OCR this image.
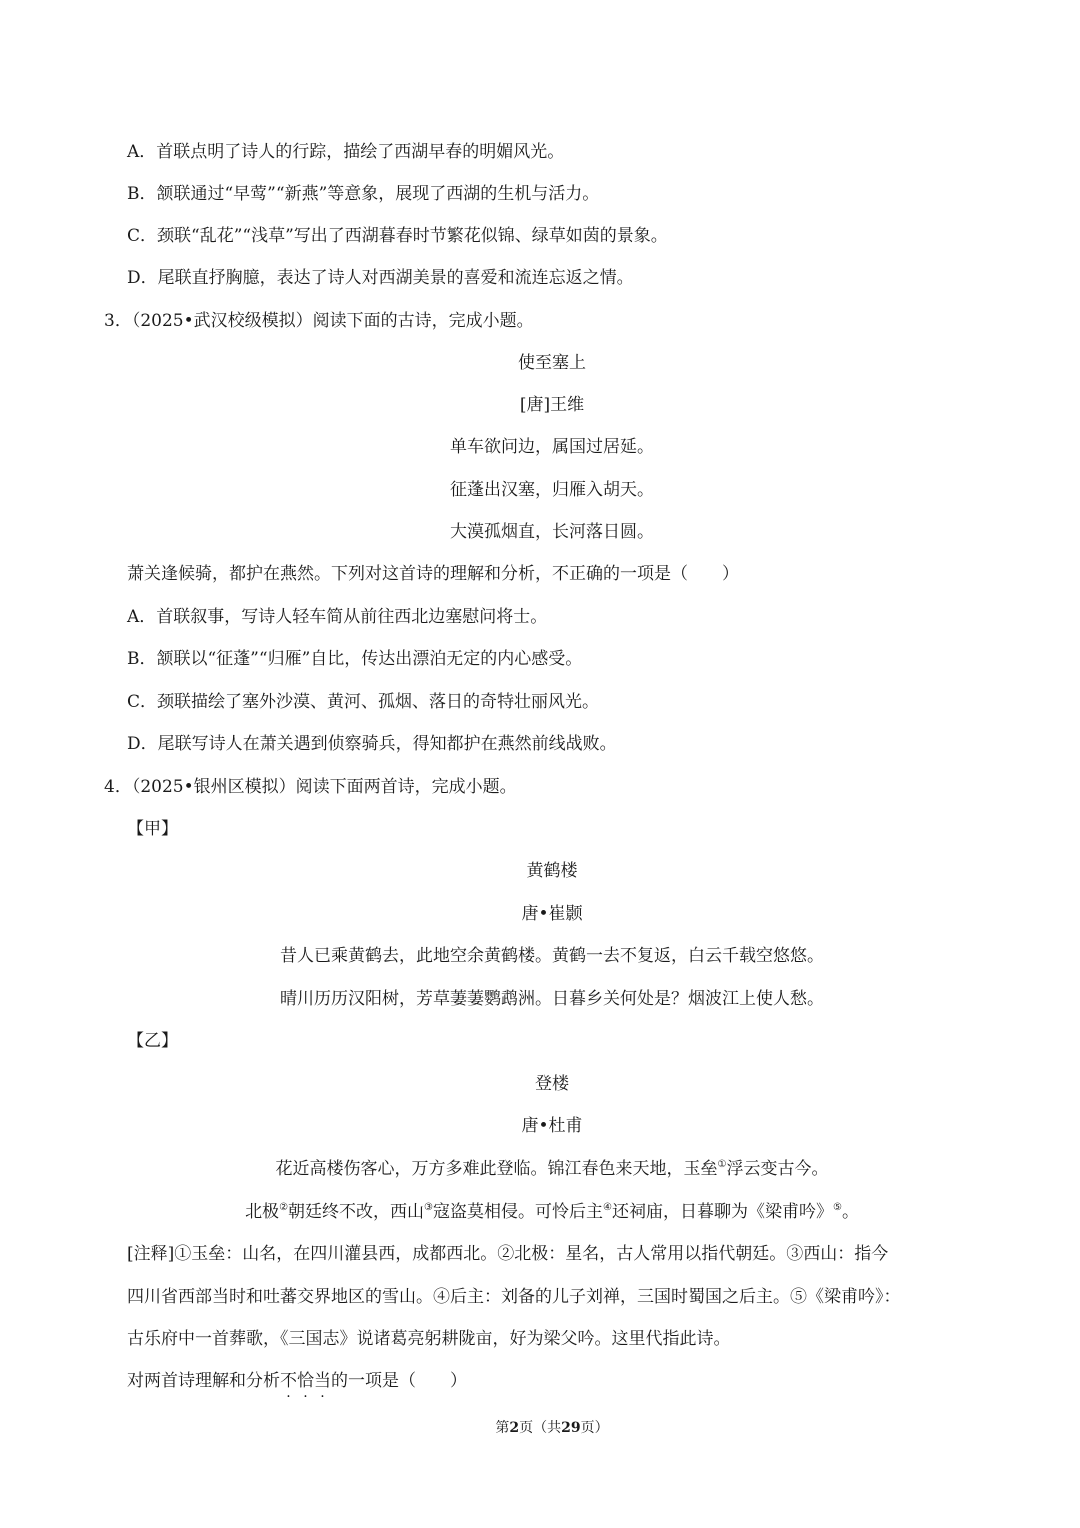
A．首联点明了诗人的行踪，描绘了西湖早春的明媚风光。
B．颔联通过“早莺”“新燕”等意象，展现了西湖的生机与活力。
C．颈联“乱花”“浅草”写出了西湖暮春时节繁花似锦、绿草如茵的景象。
D．尾联直抒胸臆，表达了诗人对西湖美景的喜爱和流连忘返之情。
3．（2025•武汉校级模拟）阅读下面的古诗，完成小题。
使至塞上
[唐]王维
单车欲问边，属国过居延。
征蓬出汉塞，归雁入胡天。
大漠孤烟直，长河落日圆。
萧关逢候骑，都护在燕然。下列对这首诗的理解和分析，不正确的一项是（　　）
A．首联叙事，写诗人轻车简从前往西北边塞慰问将士。
B．颔联以“征蓬”“归雁”自比，传达出漂泊无定的内心感受。
C．颈联描绘了塞外沙漠、黄河、孤烟、落日的奇特壮丽风光。
D．尾联写诗人在萧关遇到侦察骑兵，得知都护在燕然前线战败。
4．（2025•银州区模拟）阅读下面两首诗，完成小题。
【甲】
黄鹤楼
唐•崔颢
昔人已乘黄鹤去，此地空余黄鹤楼。黄鹤一去不复返，白云千载空悠悠。
晴川历历汉阳树，芳草萋萋鹦鹉洲。日暮乡关何处是？烟波江上使人愁。
【乙】
登楼
唐•杜甫
花近高楼伤客心，万方多难此登临。锦江春色来天地，玉垒①浮云变古今。
北极②朝廷终不改，西山③寇盗莫相侵。可怜后主④还祠庙，日暮聊为《梁甫吟》⑤。
[注释]①玉垒：山名，在四川灌县西，成都西北。②北极：星名，古人常用以指代朝廷。③西山：指今
四川省西部当时和吐蕃交界地区的雪山。④后主：刘备的儿子刘禅，三国时蜀国之后主。⑤《梁甫吟》：
古乐府中一首葬歌，《三国志》说诸葛亮躬耕陇亩，好为梁父吟。这里代指此诗。
对两首诗理解和分析不恰当的一项是（　　）
第2页（共29页）
